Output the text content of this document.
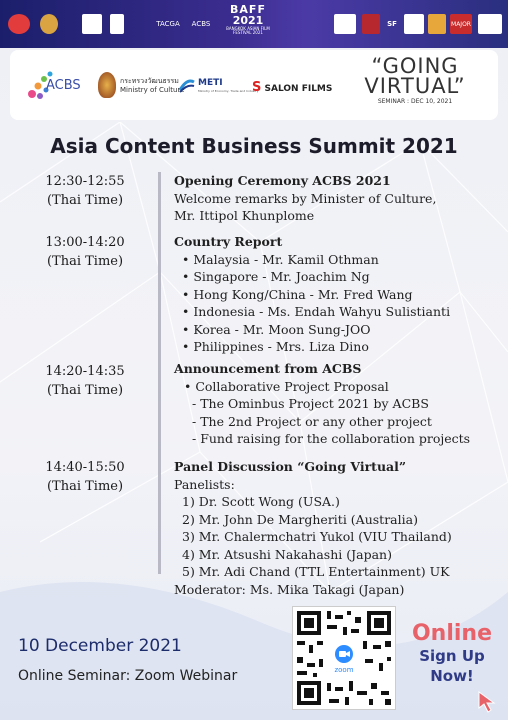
TACGA	ACBS
BAFF
2021
BANGKOK ASIAN FILM FESTIVAL 2021
SF	MAJOR
ACBS	กระทรวงวัฒนธรรม
Ministry of Culture
METI
Ministry of Economy, Trade and Industry
S SALON FILMS
“GOING
VIRTUAL”
SEMINAR : DEC 10, 2021
Asia Content Business Summit 2021
12:30-12:55
(Thai Time)
Opening Ceremony ACBS 2021
Welcome remarks by Minister of Culture,
Mr. Ittipol Khunplome
13:00-14:20
(Thai Time)
Country Report
• Malaysia - Mr. Kamil Othman
• Singapore - Mr. Joachim Ng
• Hong Kong/China - Mr. Fred Wang
• Indonesia - Ms. Endah Wahyu Sulistianti
• Korea - Mr. Moon Sung-JOO
• Philippines - Mrs. Liza Dino
14:20-14:35
(Thai Time)
Announcement from ACBS
• Collaborative Project Proposal
- The Ominbus Project 2021 by ACBS
- The 2nd Project or any other project
- Fund raising for the collaboration projects
14:40-15:50
(Thai Time)
Panel Discussion “Going Virtual”
Panelists:
1) Dr. Scott Wong (USA.)
2) Mr. John De Margheriti (Australia)
3) Mr. Chalermchatri Yukol (VIU Thailand)
4) Mr. Atsushi Nakahashi (Japan)
5) Mr. Adi Chand (TTL Entertainment) UK
Moderator: Ms. Mika Takagi (Japan)
10 December 2021
Online Seminar: Zoom Webinar	zoom
Online
Sign Up
Now!
